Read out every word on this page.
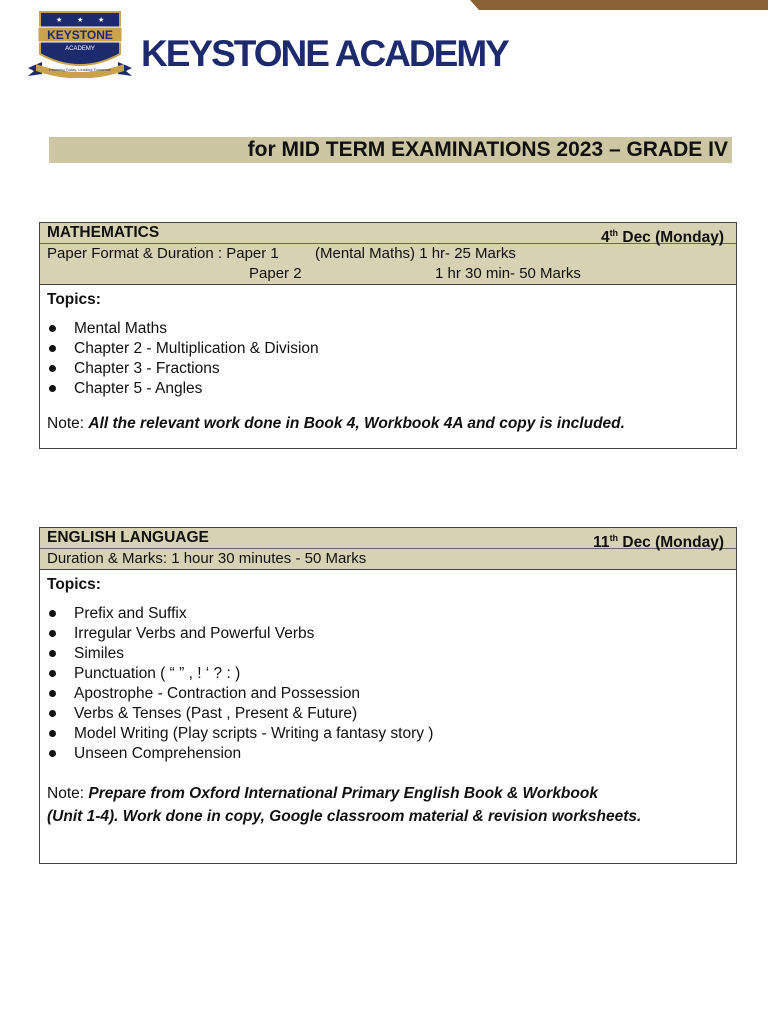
★ ★ ★
KEYSTONE
ACADEMY
Learning Today, Leading Tomorrow KEYSTONE ACADEMY
for MID TERM EXAMINATIONS 2023 – GRADE IV
MATHEMATICS	4th Dec (Monday)
Paper Format & Duration : Paper 1 (Mental Maths) 1 hr- 25 Marks
Paper 2	1 hr 30 min- 50 Marks
Topics:
Mental Maths
Chapter 2 - Multiplication & Division
Chapter 3 - Fractions
Chapter 5 - Angles
Note: All the relevant work done in Book 4, Workbook 4A and copy is included.
ENGLISH LANGUAGE	11th Dec (Monday)
Duration & Marks: 1 hour 30 minutes - 50 Marks
Topics:
Prefix and Suffix
Irregular Verbs and Powerful Verbs
Similes
Punctuation ( “ ” , ! ‘ ? : )
Apostrophe - Contraction and Possession
Verbs & Tenses (Past , Present & Future)
Model Writing (Play scripts - Writing a fantasy story )
Unseen Comprehension
Note: Prepare from Oxford International Primary English Book & Workbook
(Unit 1-4). Work done in copy, Google classroom material & revision worksheets.
